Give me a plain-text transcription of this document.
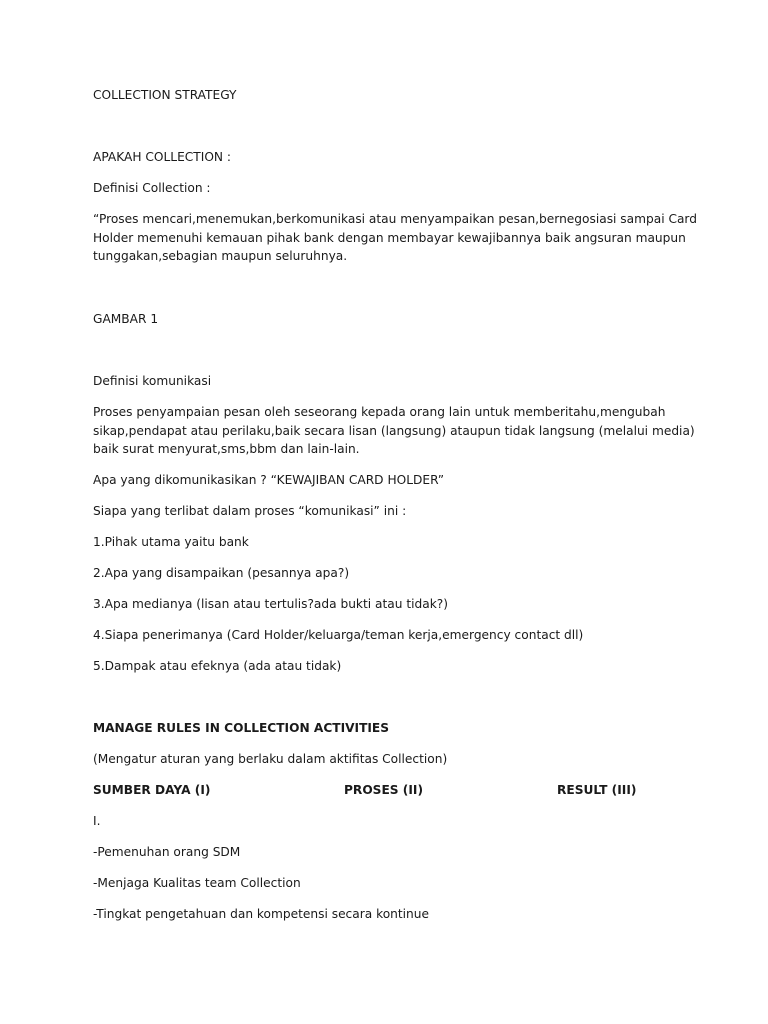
COLLECTION STRATEGY
APAKAH COLLECTION :
Definisi Collection :
“Proses mencari,menemukan,berkomunikasi atau menyampaikan pesan,bernegosiasi sampai Card
Holder memenuhi kemauan pihak bank dengan membayar kewajibannya baik angsuran maupun
tunggakan,sebagian maupun seluruhnya.
GAMBAR 1
Definisi komunikasi
Proses penyampaian pesan oleh seseorang kepada orang lain untuk memberitahu,mengubah
sikap,pendapat atau perilaku,baik secara lisan (langsung) ataupun tidak langsung (melalui media)
baik surat menyurat,sms,bbm dan lain-lain.
Apa yang dikomunikasikan ? “KEWAJIBAN CARD HOLDER”
Siapa yang terlibat dalam proses “komunikasi” ini :
1.Pihak utama yaitu bank
2.Apa yang disampaikan (pesannya apa?)
3.Apa medianya (lisan atau tertulis?ada bukti atau tidak?)
4.Siapa penerimanya (Card Holder/keluarga/teman kerja,emergency contact dll)
5.Dampak atau efeknya (ada atau tidak)
MANAGE RULES IN COLLECTION ACTIVITIES
(Mengatur aturan yang berlaku dalam aktifitas Collection)
SUMBER DAYA (I)	PROSES (II)	RESULT (III)
I.
-Pemenuhan orang SDM
-Menjaga Kualitas team Collection
-Tingkat pengetahuan dan kompetensi secara kontinue
